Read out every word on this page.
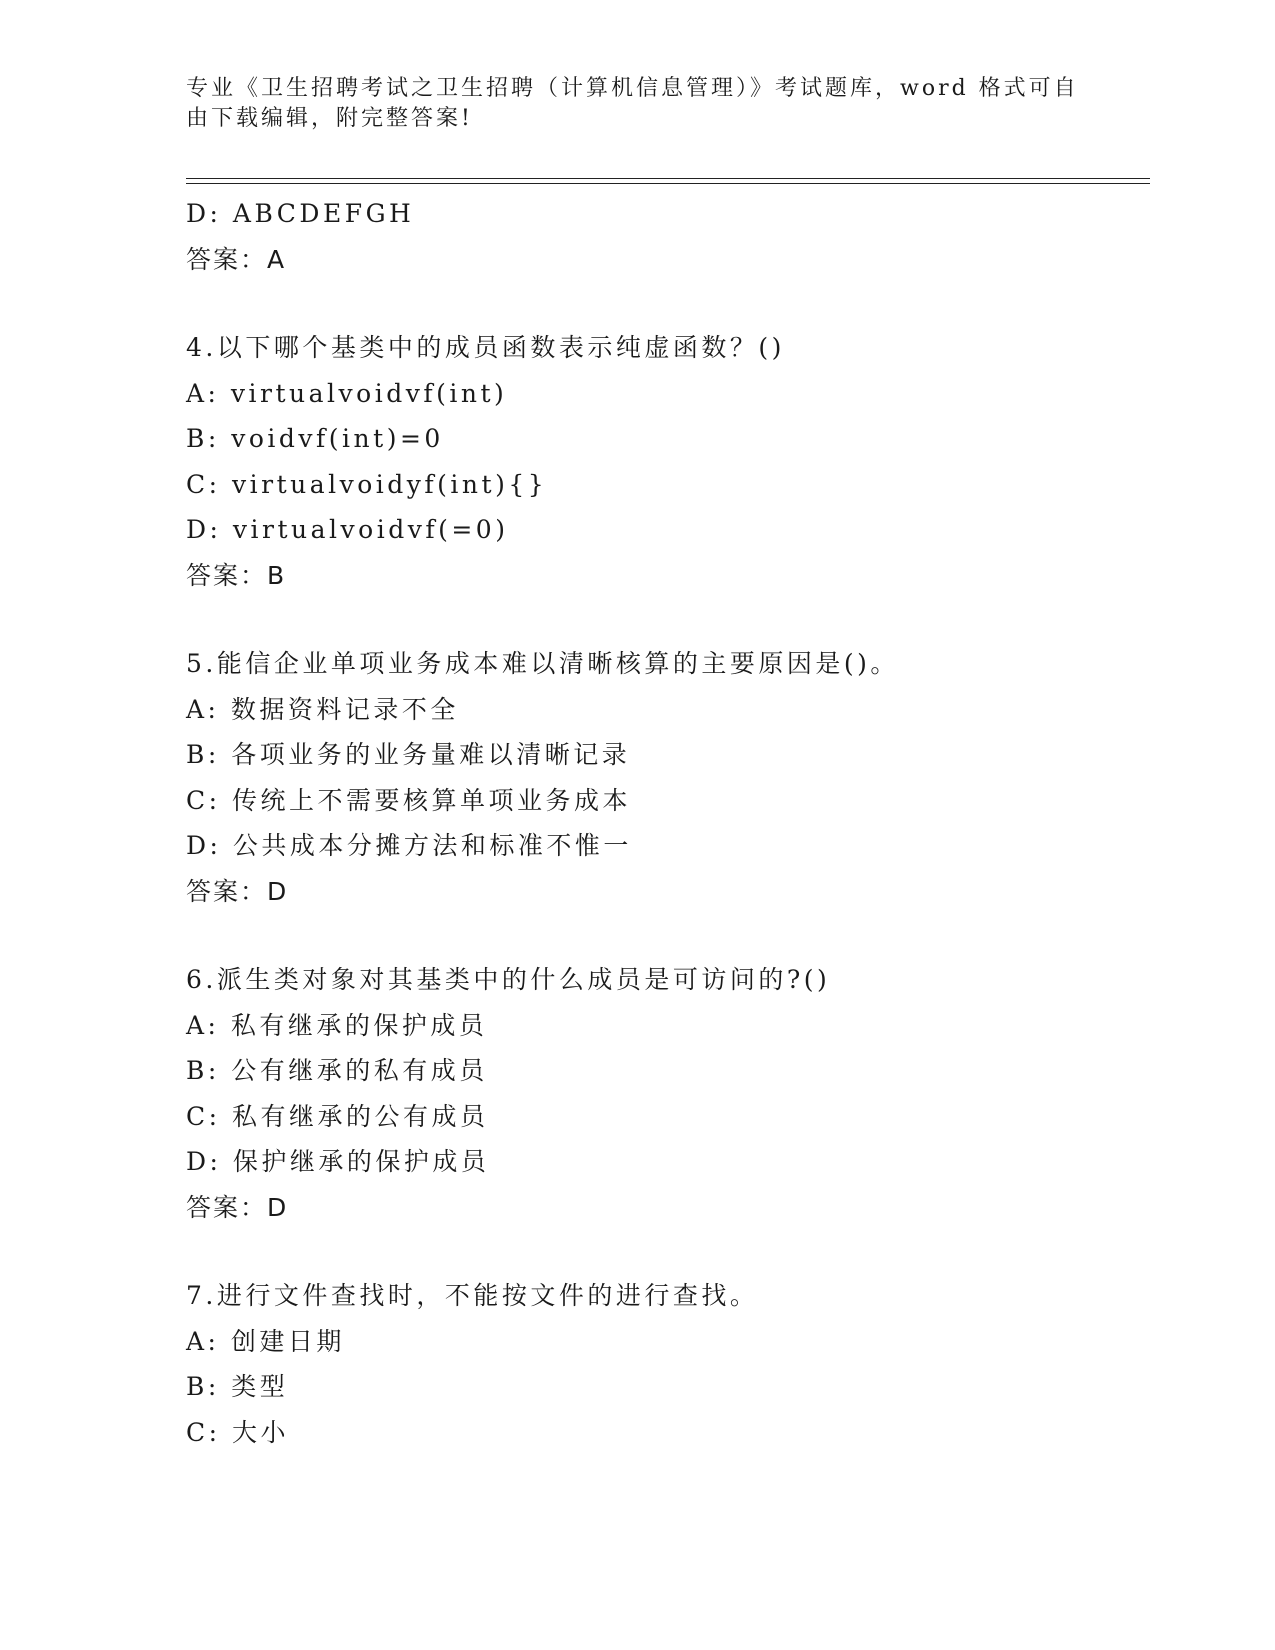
专业《卫生招聘考试之卫生招聘（计算机信息管理）》考试题库，word 格式可自
由下载编辑，附完整答案!
D: ABCDEFGH
答案：A
4.以下哪个基类中的成员函数表示纯虚函数？()
A: virtualvoidvf(int)
B: voidvf(int)=0
C: virtualvoidyf(int){}
D: virtualvoidvf(=0)
答案：B
5.能信企业单项业务成本难以清晰核算的主要原因是()。
A: 数据资料记录不全
B: 各项业务的业务量难以清晰记录
C: 传统上不需要核算单项业务成本
D: 公共成本分摊方法和标准不惟一
答案：D
6.派生类对象对其基类中的什么成员是可访问的?()
A: 私有继承的保护成员
B: 公有继承的私有成员
C: 私有继承的公有成员
D: 保护继承的保护成员
答案：D
7.进行文件查找时，不能按文件的进行查找。
A: 创建日期
B: 类型
C: 大小
